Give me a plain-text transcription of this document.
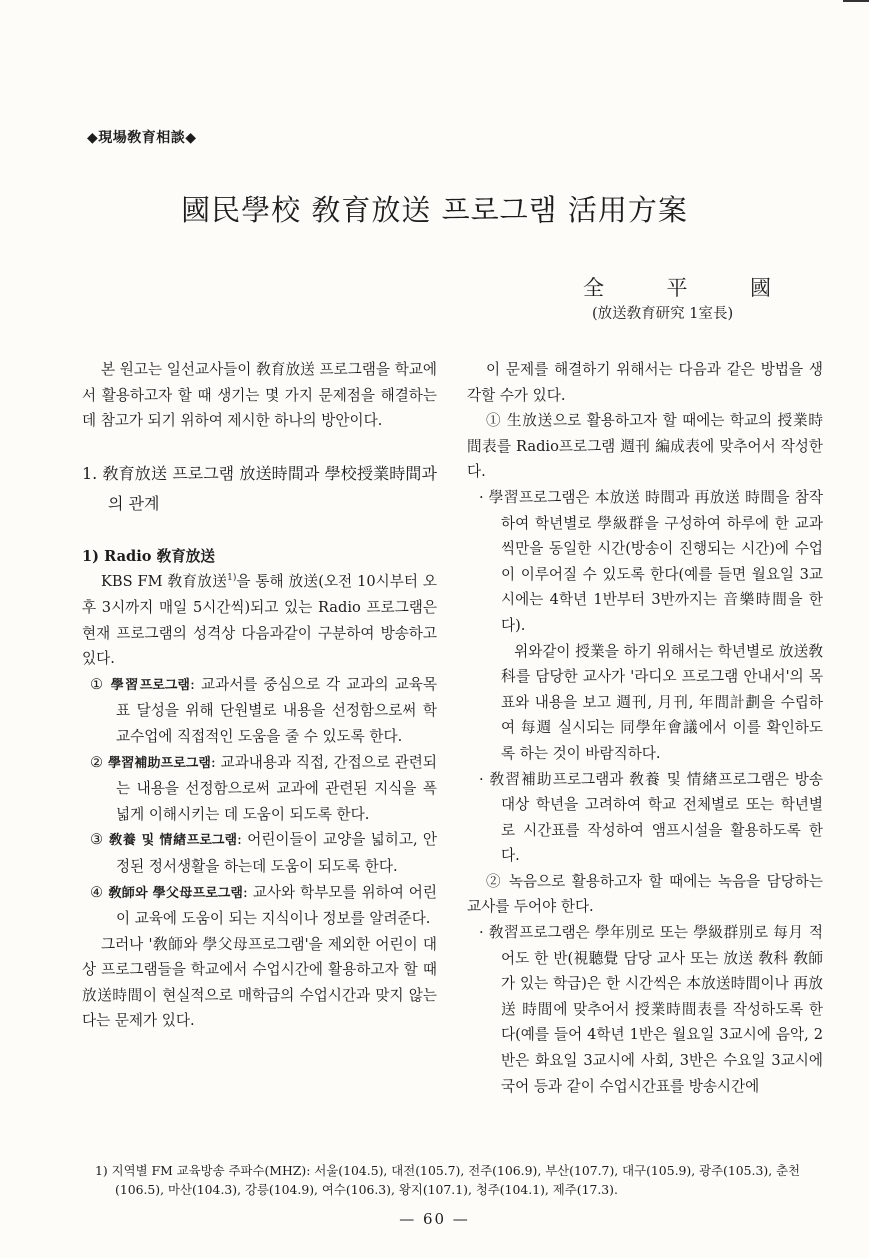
◆現場敎育相談◆
國民學校 敎育放送 프로그램 活用方案
全	平	國
(放送敎育研究 1室長)

본 원고는 일선교사들이 敎育放送 프로그램을 학교에서 활용하고자 할 때 생기는 몇 가지 문제점을 해결하는데 참고가 되기 위하여 제시한 하나의 방안이다.

1. 敎育放送 프로그램 放送時間과 學校授業時間과의 관계

1) Radio 敎育放送

KBS FM 敎育放送$^{1)}$을 통해 放送(오전 10시부터 오후 3시까지 매일 5시간씩)되고 있는 Radio 프로그램은 현재 프로그램의 성격상 다음과같이 구분하여 방송하고 있다.

① 學習프로그램: 교과서를 중심으로 각 교과의 교육목표 달성을 위해 단원별로 내용을 선정함으로써 학교수업에 직접적인 도움을 줄 수 있도록 한다.

② 學習補助프로그램: 교과내용과 직접, 간접으로 관련되는 내용을 선정함으로써 교과에 관련된 지식을 폭넓게 이해시키는 데 도움이 되도록 한다.

③ 敎養 및 情緖프로그램: 어린이들이 교양을 넓히고, 안정된 정서생활을 하는데 도움이 되도록 한다.

④ 敎師와 學父母프로그램: 교사와 학부모를 위하여 어린이 교육에 도움이 되는 지식이나 정보를 알려준다.

그러나 '敎師와 學父母프로그램'을 제외한 어린이 대상 프로그램들을 학교에서 수업시간에 활용하고자 할 때 放送時間이 현실적으로 매학급의 수업시간과 맞지 않는다는 문제가 있다.

이 문제를 해결하기 위해서는 다음과 같은 방법을 생각할 수가 있다.

① 生放送으로 활용하고자 할 때에는 학교의 授業時間表를 Radio프로그램 週刊 編成表에 맞추어서 작성한다.

· 學習프로그램은 本放送 時間과 再放送 時間을 참작하여 학년별로 學級群을 구성하여 하루에 한 교과씩만을 동일한 시간(방송이 진행되는 시간)에 수업이 이루어질 수 있도록 한다(예를 들면 월요일 3교시에는 4학년 1반부터 3반까지는 音樂時間을 한다).

위와같이 授業을 하기 위해서는 학년별로 放送敎科를 담당한 교사가 '라디오 프로그램 안내서'의 목표와 내용을 보고 週刊, 月刊, 年間計劃을 수립하여 每週 실시되는 同學年會議에서 이를 확인하도록 하는 것이 바람직하다.

· 敎習補助프로그램과 敎養 및 情緖프로그램은 방송 대상 학년을 고려하여 학교 전체별로 또는 학년별로 시간표를 작성하여 앰프시설을 활용하도록 한다.

② 녹음으로 활용하고자 할 때에는 녹음을 담당하는 교사를 두어야 한다.

· 敎習프로그램은 學年別로 또는 學級群別로 每月 적어도 한 반(視聽覺 담당 교사 또는 放送 敎科 敎師가 있는 학급)은 한 시간씩은 本放送時間이나 再放送 時間에 맞추어서 授業時間表를 작성하도록 한다(예를 들어 4학년 1반은 월요일 3교시에 음악, 2반은 화요일 3교시에 사회, 3반은 수요일 3교시에 국어 등과 같이 수업시간표를 방송시간에

1) 지역별 FM 교육방송 주파수(MHZ): 서울(104.5), 대전(105.7), 전주(106.9), 부산(107.7), 대구(105.9), 광주(105.3), 춘천(106.5), 마산(104.3), 강릉(104.9), 여수(106.3), 왕지(107.1), 청주(104.1), 제주(17.3).

— 60 —
